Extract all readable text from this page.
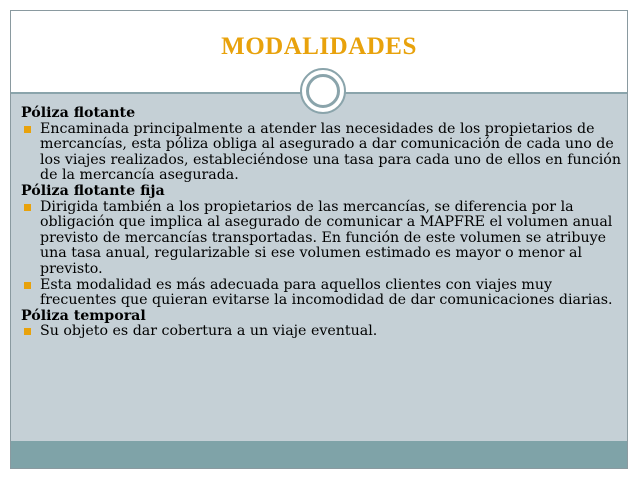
MODALIDADES

Póliza flotante

Encaminada principalmente a atender las necesidades de los propietarios de mercancías, esta póliza obliga al asegurado a dar comunicación de cada uno de los viajes realizados, estableciéndose una tasa para cada uno de ellos en función de la mercancía asegurada.

Póliza flotante fija

Dirigida también a los propietarios de las mercancías, se diferencia por la obligación que implica al asegurado de comunicar a MAPFRE el volumen anual previsto de mercancías transportadas. En función de este volumen se atribuye una tasa anual, regularizable si ese volumen estimado es mayor o menor al previsto.

Esta modalidad es más adecuada para aquellos clientes con viajes muy frecuentes que quieran evitarse la incomodidad de dar comunicaciones diarias.

Póliza temporal

Su objeto es dar cobertura a un viaje eventual.
